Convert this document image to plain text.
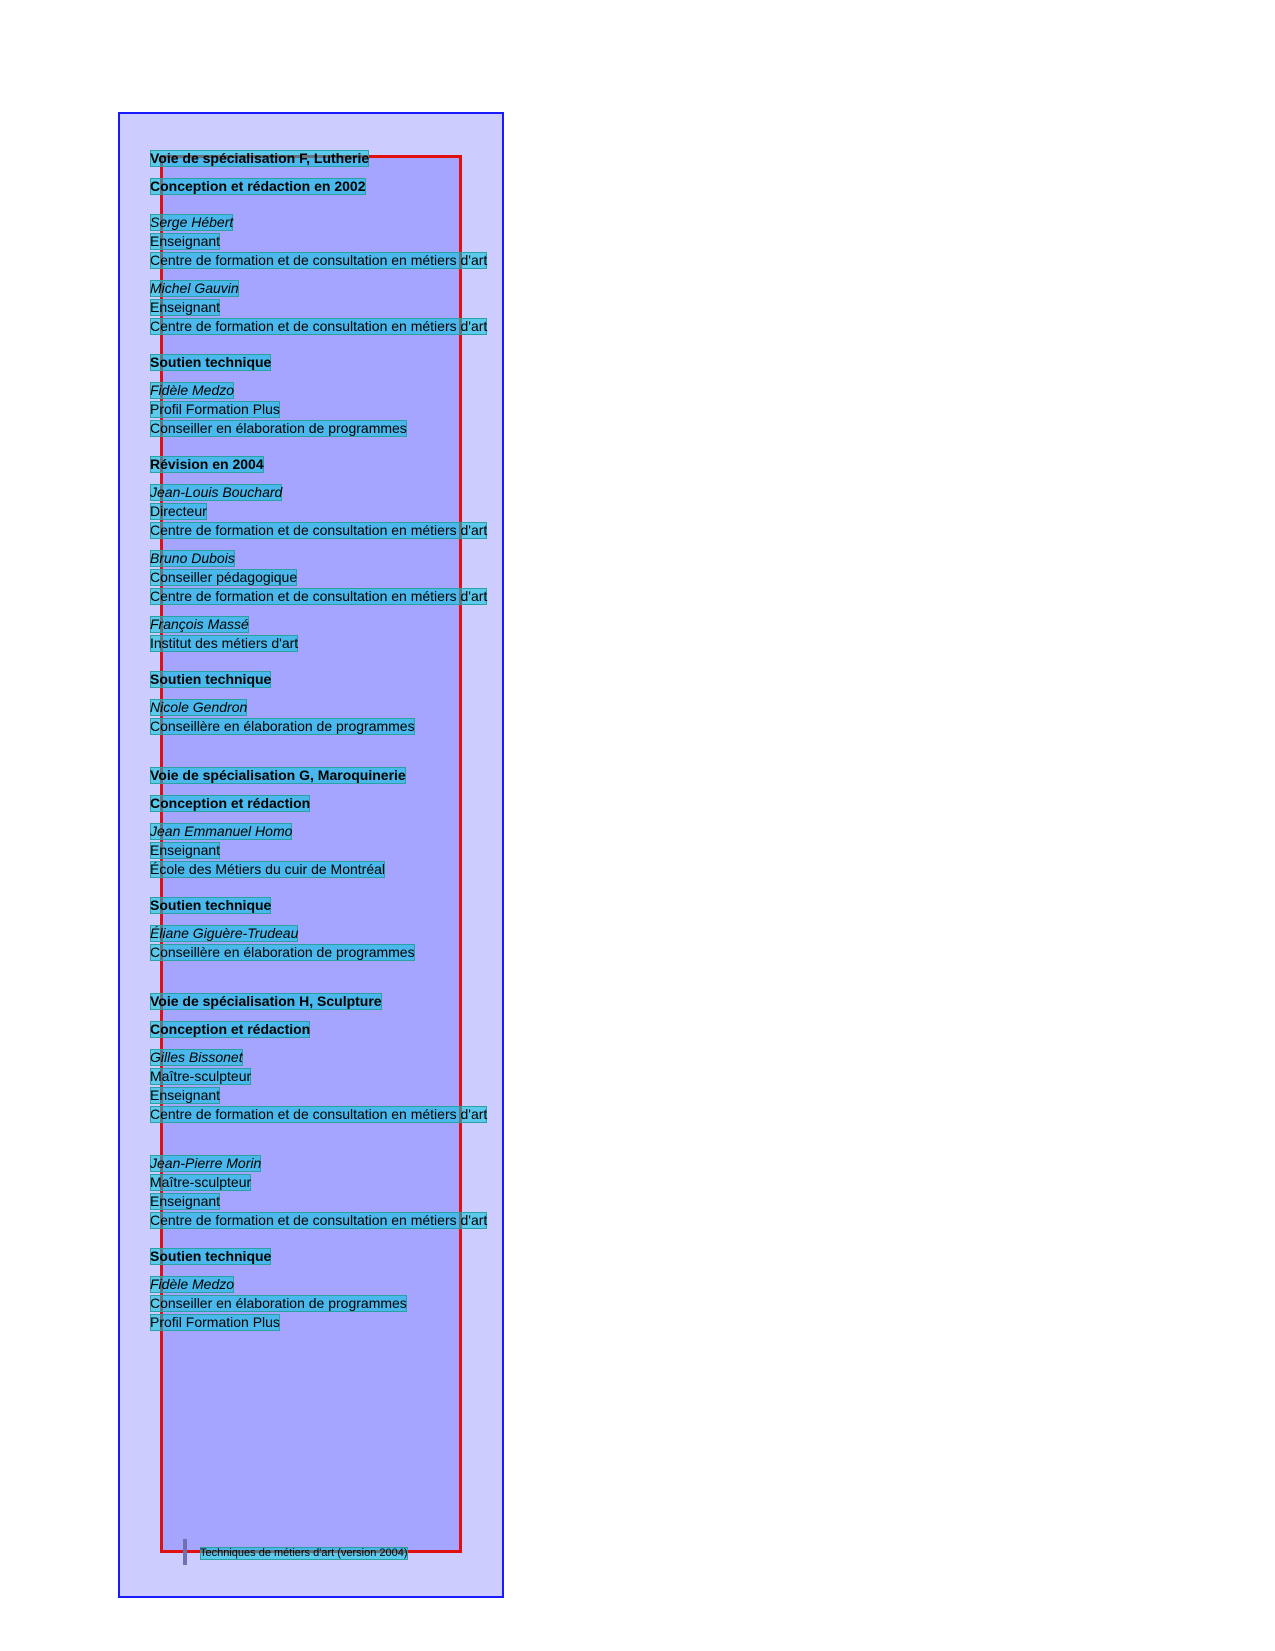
Voie de spécialisation F, Lutherie
Conception et rédaction en 2002
Serge Hébert
Enseignant
Centre de formation et de consultation en métiers d'art
Michel Gauvin
Enseignant
Centre de formation et de consultation en métiers d'art
Soutien technique
Fidèle Medzo
Profil Formation Plus
Conseiller en élaboration de programmes
Révision en 2004
Jean-Louis Bouchard
Directeur
Centre de formation et de consultation en métiers d'art
Bruno Dubois
Conseiller pédagogique
Centre de formation et de consultation en métiers d'art
François Massé
Institut des métiers d'art
Soutien technique
Nicole Gendron
Conseillère en élaboration de programmes
Voie de spécialisation G, Maroquinerie
Conception et rédaction
Jean Emmanuel Homo
Enseignant
École des Métiers du cuir de Montréal
Soutien technique
Éliane Giguère-Trudeau
Conseillère en élaboration de programmes
Voie de spécialisation H, Sculpture
Conception et rédaction
Gilles Bissonet
Maître-sculpteur
Enseignant
Centre de formation et de consultation en métiers d'art
Jean-Pierre Morin
Maître-sculpteur
Enseignant
Centre de formation et de consultation en métiers d'art
Soutien technique
Fidèle Medzo
Conseiller en élaboration de programmes
Profil Formation Plus
Techniques de métiers d'art (version 2004)
